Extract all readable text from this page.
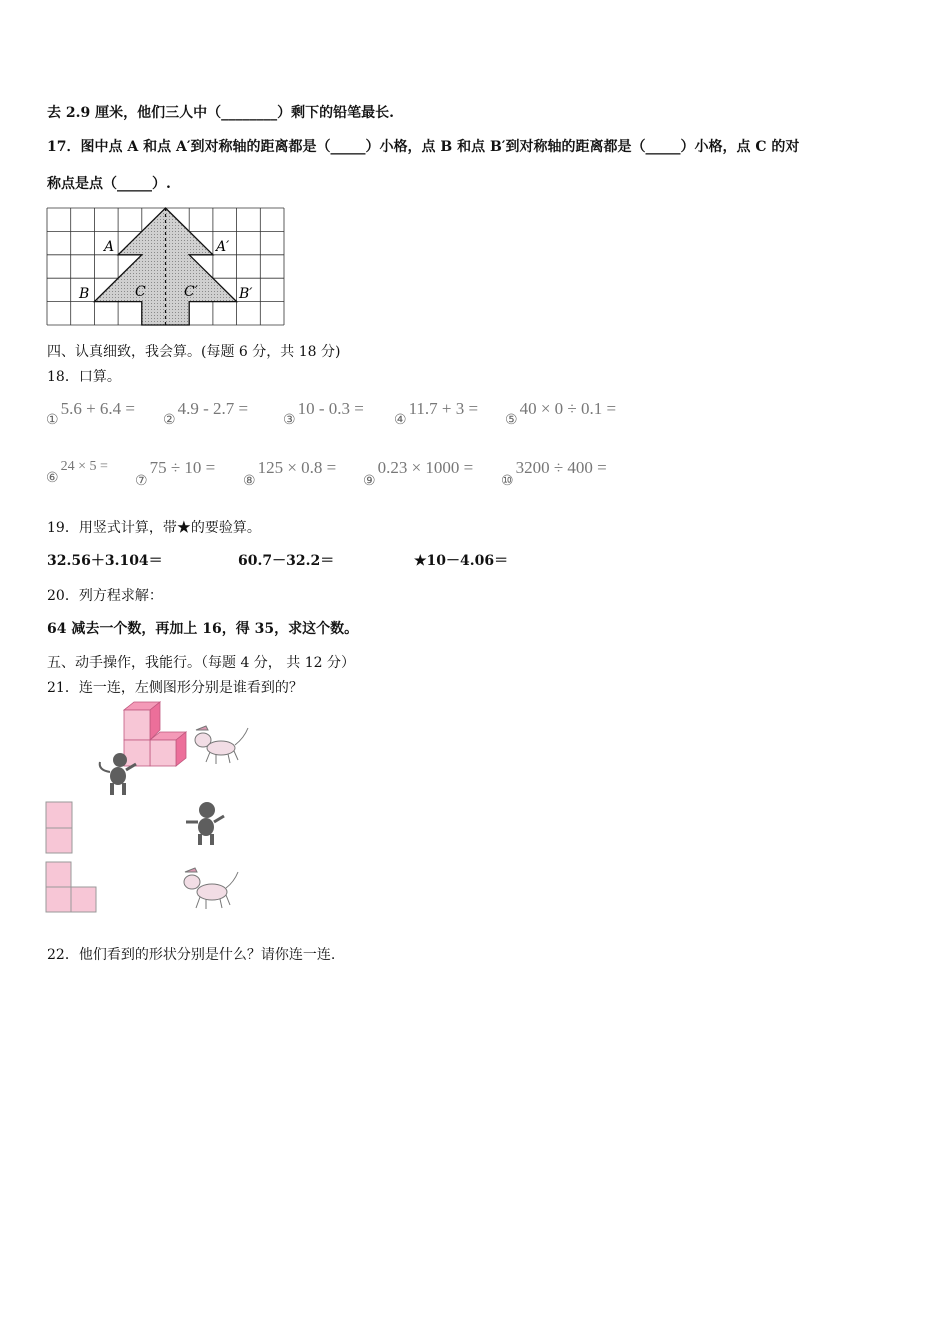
去 2.9 厘米，他们三人中（________）剩下的铅笔最长.
17．图中点 A 和点 A′到对称轴的距离都是（_____）小格，点 B 和点 B′到对称轴的距离都是（_____）小格，点 C 的对
称点是点（_____）.
A	A′
B	B′
C	C′
四、认真细致，我会算。(每题 6 分，共 18 分)
18．口算。
①
5.6 + 6.4 =
②
4.9 - 2.7 =
③
10 - 0.3 =
④
11.7 + 3 =
⑤
40 × 0 ÷ 0.1 =
⑥
24 × 5 =
⑦
75 ÷ 10 =
⑧
125 × 0.8 =
⑨
0.23 × 1000 =
⑩
3200 ÷ 400 =
19．用竖式计算，带★的要验算。
32.56＋3.104＝	60.7－32.2＝	★10－4.06＝
20．列方程求解：
64 减去一个数，再加上 16，得 35，求这个数。
五、动手操作，我能行。（每题 4 分， 共 12 分）
21．连一连，左侧图形分别是谁看到的？
22．他们看到的形状分别是什么？请你连一连.
